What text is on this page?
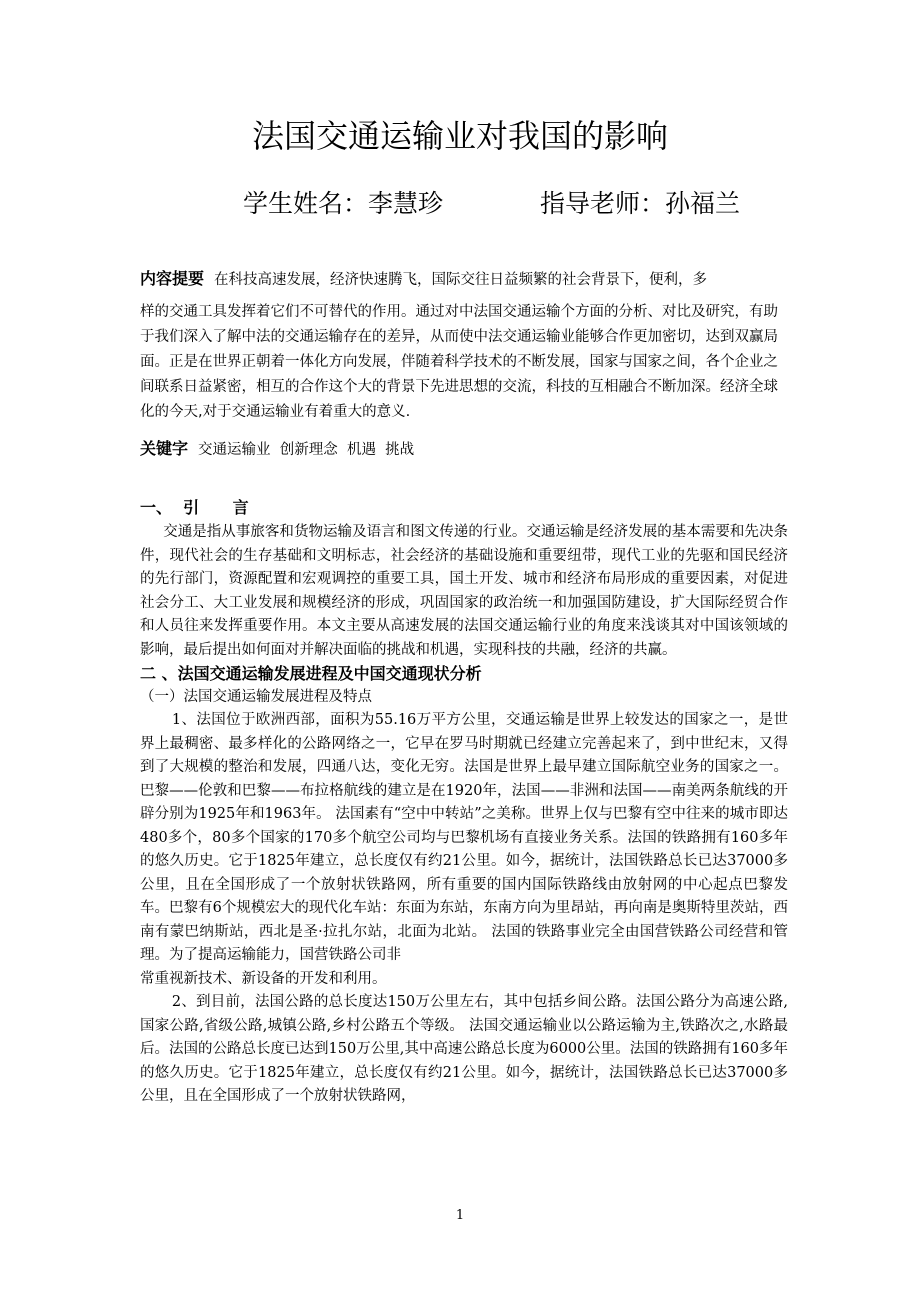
法国交通运输业对我国的影响
学生姓名：李慧珍	指导老师：孙福兰
内容提要 在科技高速发展，经济快速腾飞，国际交往日益频繁的社会背景下，便利，多
样的交通工具发挥着它们不可替代的作用。通过对中法国交通运输个方面的分析、对比及研究，有助于我们深入了解中法的交通运输存在的差异，从而使中法交通运输业能够合作更加密切，达到双赢局面。正是在世界正朝着一体化方向发展，伴随着科学技术的不断发展，国家与国家之间，各个企业之间联系日益紧密，相互的合作这个大的背景下先进思想的交流，科技的互相融合不断加深。经济全球化的今天,对于交通运输业有着重大的意义.
关键字 交通运输业  创新理念  机遇  挑战

一、  引      言

交通是指从事旅客和货物运输及语言和图文传递的行业。交通运输是经济发展的基本需要和先决条件，现代社会的生存基础和文明标志，社会经济的基础设施和重要纽带，现代工业的先驱和国民经济的先行部门，资源配置和宏观调控的重要工具，国土开发、城市和经济布局形成的重要因素，对促进社会分工、大工业发展和规模经济的形成，巩固国家的政治统一和加强国防建设，扩大国际经贸合作和人员往来发挥重要作用。本文主要从高速发展的法国交通运输行业的角度来浅谈其对中国该领域的影响，最后提出如何面对并解决面临的挑战和机遇，实现科技的共融，经济的共赢。

二 、法国交通运输发展进程及中国交通现状分析

（一）法国交通运输发展进程及特点

1、法国位于欧洲西部，面积为55.16万平方公里，交通运输是世界上较发达的国家之一，是世界上最稠密、最多样化的公路网络之一，它早在罗马时期就已经建立完善起来了，到中世纪末，又得到了大规模的整治和发展，四通八达，变化无穷。法国是世界上最早建立国际航空业务的国家之一。巴黎——伦敦和巴黎——布拉格航线的建立是在1920年，法国——非洲和法国——南美两条航线的开辟分别为1925年和1963年。 法国素有“空中中转站”之美称。世界上仅与巴黎有空中往来的城市即达480多个，80多个国家的170多个航空公司均与巴黎机场有直接业务关系。法国的铁路拥有160多年的悠久历史。它于1825年建立，总长度仅有约21公里。如今，据统计，法国铁路总长已达37000多公里，且在全国形成了一个放射状铁路网，所有重要的国内国际铁路线由放射网的中心起点巴黎发车。巴黎有6个规模宏大的现代化车站：东面为东站，东南方向为里昂站，再向南是奥斯特里茨站，西南有蒙巴纳斯站，西北是圣·拉扎尔站，北面为北站。 法国的铁路事业完全由国营铁路公司经营和管理。为了提高运输能力，国营铁路公司非

常重视新技术、新设备的开发和利用。

2、到目前，法国公路的总长度达150万公里左右，其中包括乡间公路。法国公路分为高速公路,国家公路,省级公路,城镇公路,乡村公路五个等级。 法国交通运输业以公路运输为主,铁路次之,水路最后。法国的公路总长度已达到150万公里,其中高速公路总长度为6000公里。法国的铁路拥有160多年的悠久历史。它于1825年建立，总长度仅有约21公里。如今，据统计，法国铁路总长已达37000多公里，且在全国形成了一个放射状铁路网，

1
